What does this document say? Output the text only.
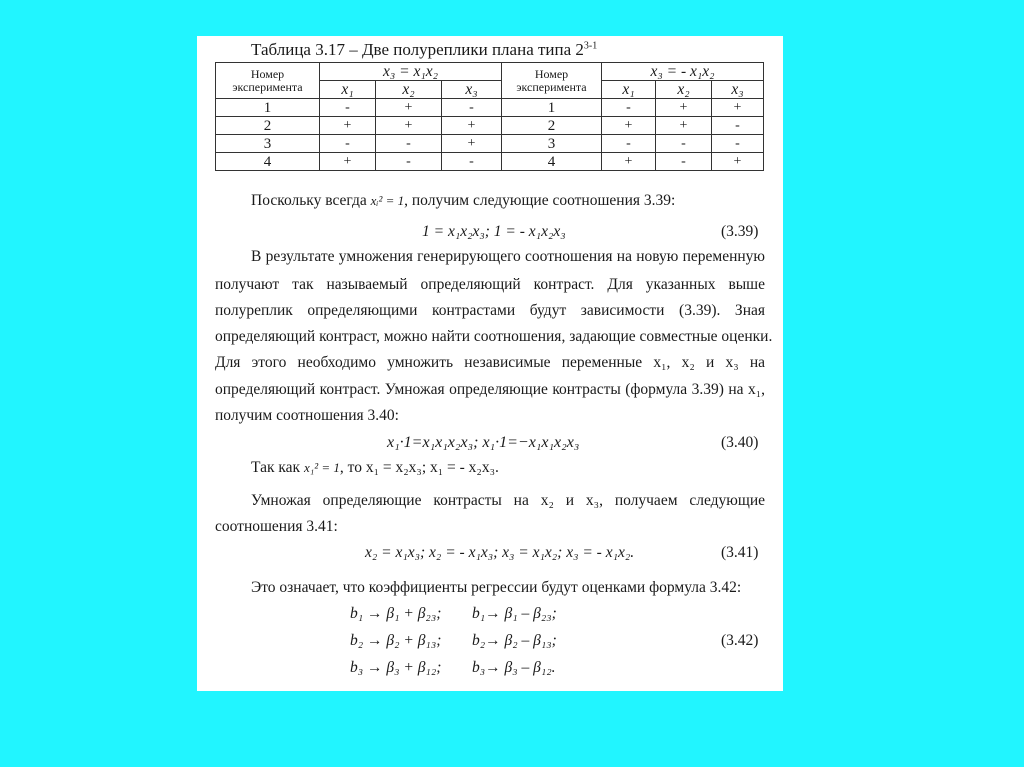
Таблица 3.17 – Две полуреплики плана типа 2$^{3-1}$
Номер эксперимента	x₃ = x₁x₂			Номер эксперимента	x₃ = - x₁x₂		
	x₁	x₂	x₃		x₁	x₂	x₃
1	-	+	-	1	-	+	+
2	+	+	+	2	+	+	-
3	-	-	+	3	-	-	-
4	+	-	-	4	+	-	+
Поскольку всегда xᵢ² = 1, получим следующие соотношения 3.39:
1 = x₁x₂x₃; 1 = - x₁x₂x₃	(3.39)
В результате умножения генерирующего соотношения на новую переменную
получают так называемый определяющий контраст. Для указанных выше
полуреплик определяющими контрастами будут зависимости (3.39). Зная
определяющий контраст, можно найти соотношения, задающие совместные оценки.
Для этого необходимо умножить независимые переменные x₁, x₂ и x₃ на
определяющий контраст. Умножая определяющие контрасты (формула 3.39) на x₁,
получим соотношения 3.40:
x₁·1=x₁x₁x₂x₃; x₁·1=−x₁x₁x₂x₃	(3.40)
Так как x₁² = 1, то x₁ = x₂x₃; x₁ = - x₂x₃.
Умножая определяющие контрасты на x₂ и x₃, получаем следующие
соотношения 3.41:
x₂ = x₁x₃; x₂ = - x₁x₃; x₃ = x₁x₂; x₃ = - x₁x₂.	(3.41)
Это означает, что коэффициенты регрессии будут оценками формула 3.42:
b₁ → β₁ + β₂₃; b₁→ β₁ – β₂₃;
b₂ → β₂ + β₁₃; b₂→ β₂ – β₁₃;	(3.42)
b₃ → β₃ + β₁₂; b₃→ β₃ – β₁₂.
